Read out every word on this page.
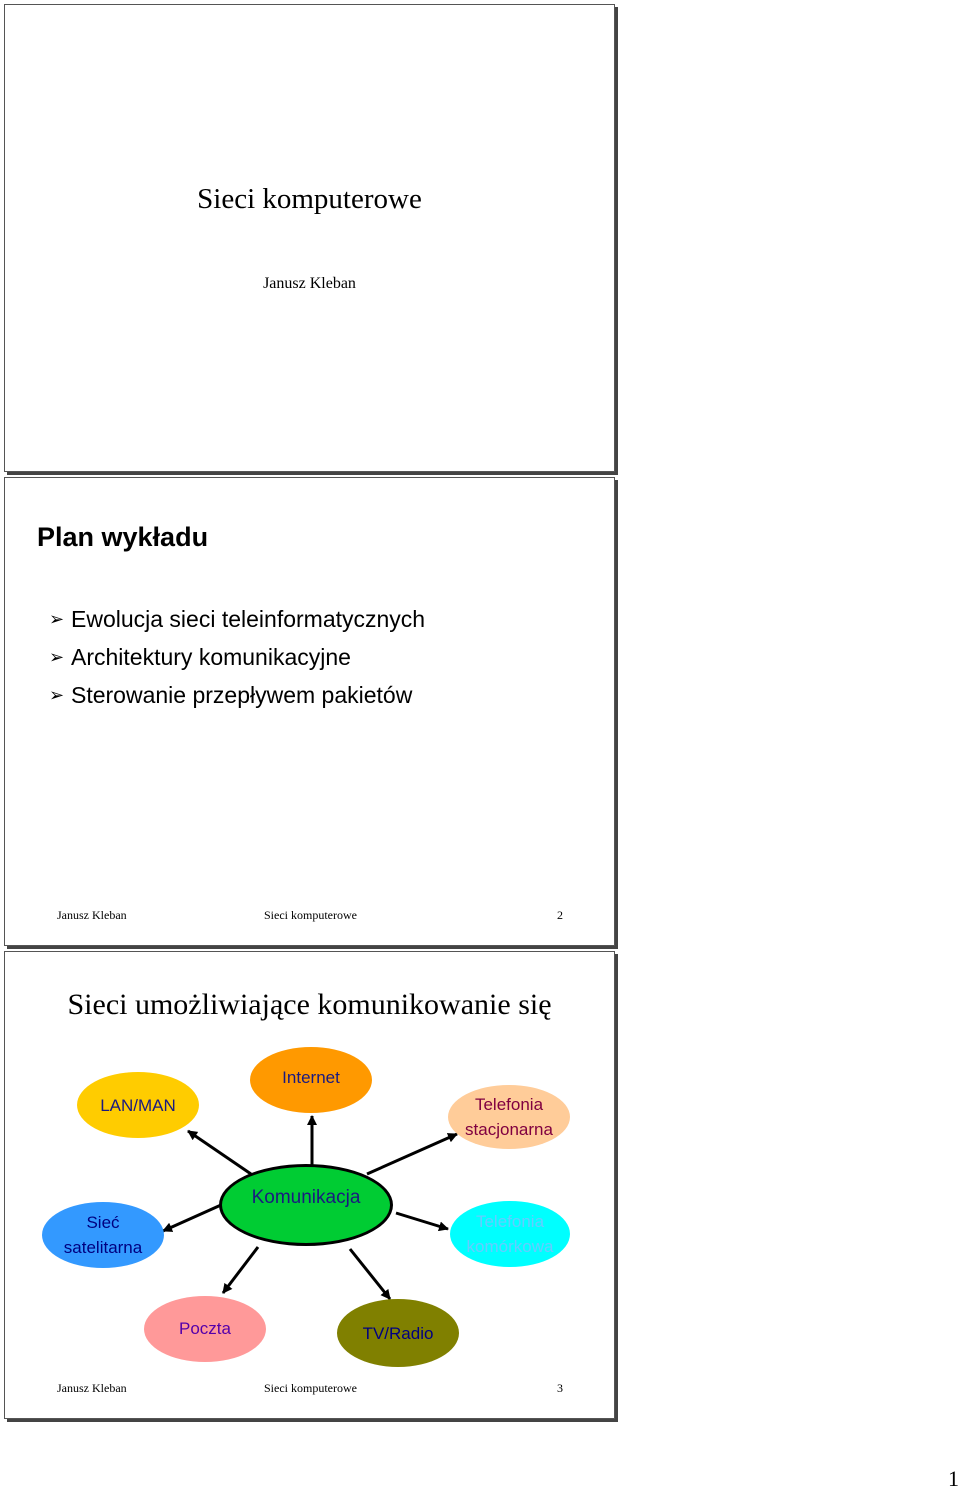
Sieci komputerowe
Janusz Kleban
Plan wykładu
➢ Ewolucja sieci teleinformatycznych
➢ Architektury komunikacyjne
➢ Sterowanie przepływem pakietów
Janusz Kleban	Sieci komputerowe	2
Sieci umożliwiające komunikowanie się
LAN/MAN
Internet
Telefonia
stacjonarna
Komunikacja
Sieć
satelitarna
Telefonia
komórkowa
Poczta	TV/Radio
Janusz Kleban	Sieci komputerowe	3
1
